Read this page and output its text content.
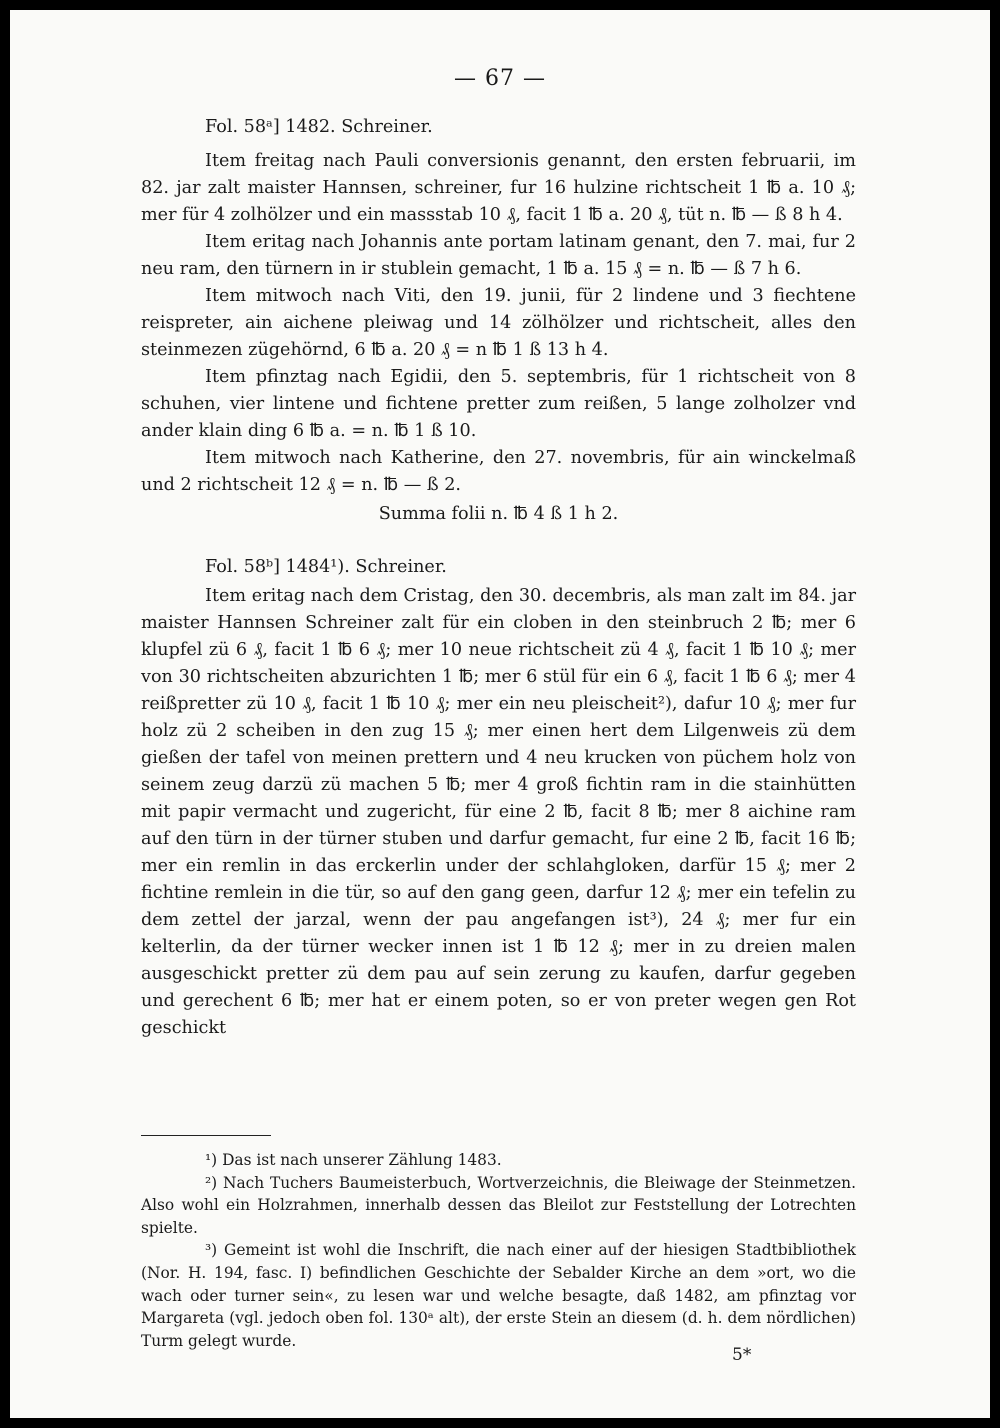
— 67 —

Fol. 58ᵃ] 1482. Schreiner.

Item freitag nach Pauli conversionis genannt, den ersten februarii, im 82. jar zalt maister Hannsen, schreiner, fur 16 hulzine richtscheit 1 ℔ a. 10 ₰; mer für 4 zolhölzer und ein massstab 10 ₰, facit 1 ℔ a. 20 ₰, tüt n. ℔ — ß 8 h 4.

Item eritag nach Johannis ante portam latinam genant, den 7. mai, fur 2 neu ram, den türnern in ir stublein gemacht, 1 ℔ a. 15 ₰ = n. ℔ — ß 7 h 6.

Item mitwoch nach Viti, den 19. junii, für 2 lindene und 3 fiechtene reispreter, ain aichene pleiwag und 14 zölhölzer und richtscheit, alles den steinmezen zügehörnd, 6 ℔ a. 20 ₰ = n ℔ 1 ß 13 h 4.

Item pfinztag nach Egidii, den 5. septembris, für 1 richtscheit von 8 schuhen, vier lintene und fichtene pretter zum reißen, 5 lange zolholzer vnd ander klain ding 6 ℔ a. = n. ℔ 1 ß 10.

Item mitwoch nach Katherine, den 27. novembris, für ain winckelmaß und 2 richtscheit 12 ₰ = n. ℔ — ß 2.

Summa folii n. ℔ 4 ß 1 h 2.

Fol. 58ᵇ] 1484¹). Schreiner.

Item eritag nach dem Cristag, den 30. decembris, als man zalt im 84. jar maister Hannsen Schreiner zalt für ein cloben in den steinbruch 2 ℔; mer 6 klupfel zü 6 ₰, facit 1 ℔ 6 ₰; mer 10 neue richtscheit zü 4 ₰, facit 1 ℔ 10 ₰; mer von 30 richtscheiten abzurichten 1 ℔; mer 6 stül für ein 6 ₰, facit 1 ℔ 6 ₰; mer 4 reißpretter zü 10 ₰, facit 1 ℔ 10 ₰; mer ein neu pleischeit²), dafur 10 ₰; mer fur holz zü 2 scheiben in den zug 15 ₰; mer einen hert dem Lilgenweis zü dem gießen der tafel von meinen prettern und 4 neu krucken von püchem holz von seinem zeug darzü zü machen 5 ℔; mer 4 groß fichtin ram in die stainhütten mit papir vermacht und zugericht, für eine 2 ℔, facit 8 ℔; mer 8 aichine ram auf den türn in der türner stuben und darfur gemacht, fur eine 2 ℔, facit 16 ℔; mer ein remlin in das erckerlin under der schlahgloken, darfür 15 ₰; mer 2 fichtine remlein in die tür, so auf den gang geen, darfur 12 ₰; mer ein tefelin zu dem zettel der jarzal, wenn der pau angefangen ist³), 24 ₰; mer fur ein kelterlin, da der türner wecker innen ist 1 ℔ 12 ₰; mer in zu dreien malen ausgeschickt pretter zü dem pau auf sein zerung zu kaufen, darfur gegeben und gerechent 6 ℔; mer hat er einem poten, so er von preter wegen gen Rot geschickt

¹) Das ist nach unserer Zählung 1483.

²) Nach Tuchers Baumeisterbuch, Wortverzeichnis, die Bleiwage der Steinmetzen. Also wohl ein Holzrahmen, innerhalb dessen das Bleilot zur Feststellung der Lotrechten spielte.

³) Gemeint ist wohl die Inschrift, die nach einer auf der hiesigen Stadtbibliothek (Nor. H. 194, fasc. I) befindlichen Geschichte der Sebalder Kirche an dem »ort, wo die wach oder turner sein«, zu lesen war und welche besagte, daß 1482, am pfinztag vor Margareta (vgl. jedoch oben fol. 130ᵃ alt), der erste Stein an diesem (d. h. dem nördlichen) Turm gelegt wurde.

5*
